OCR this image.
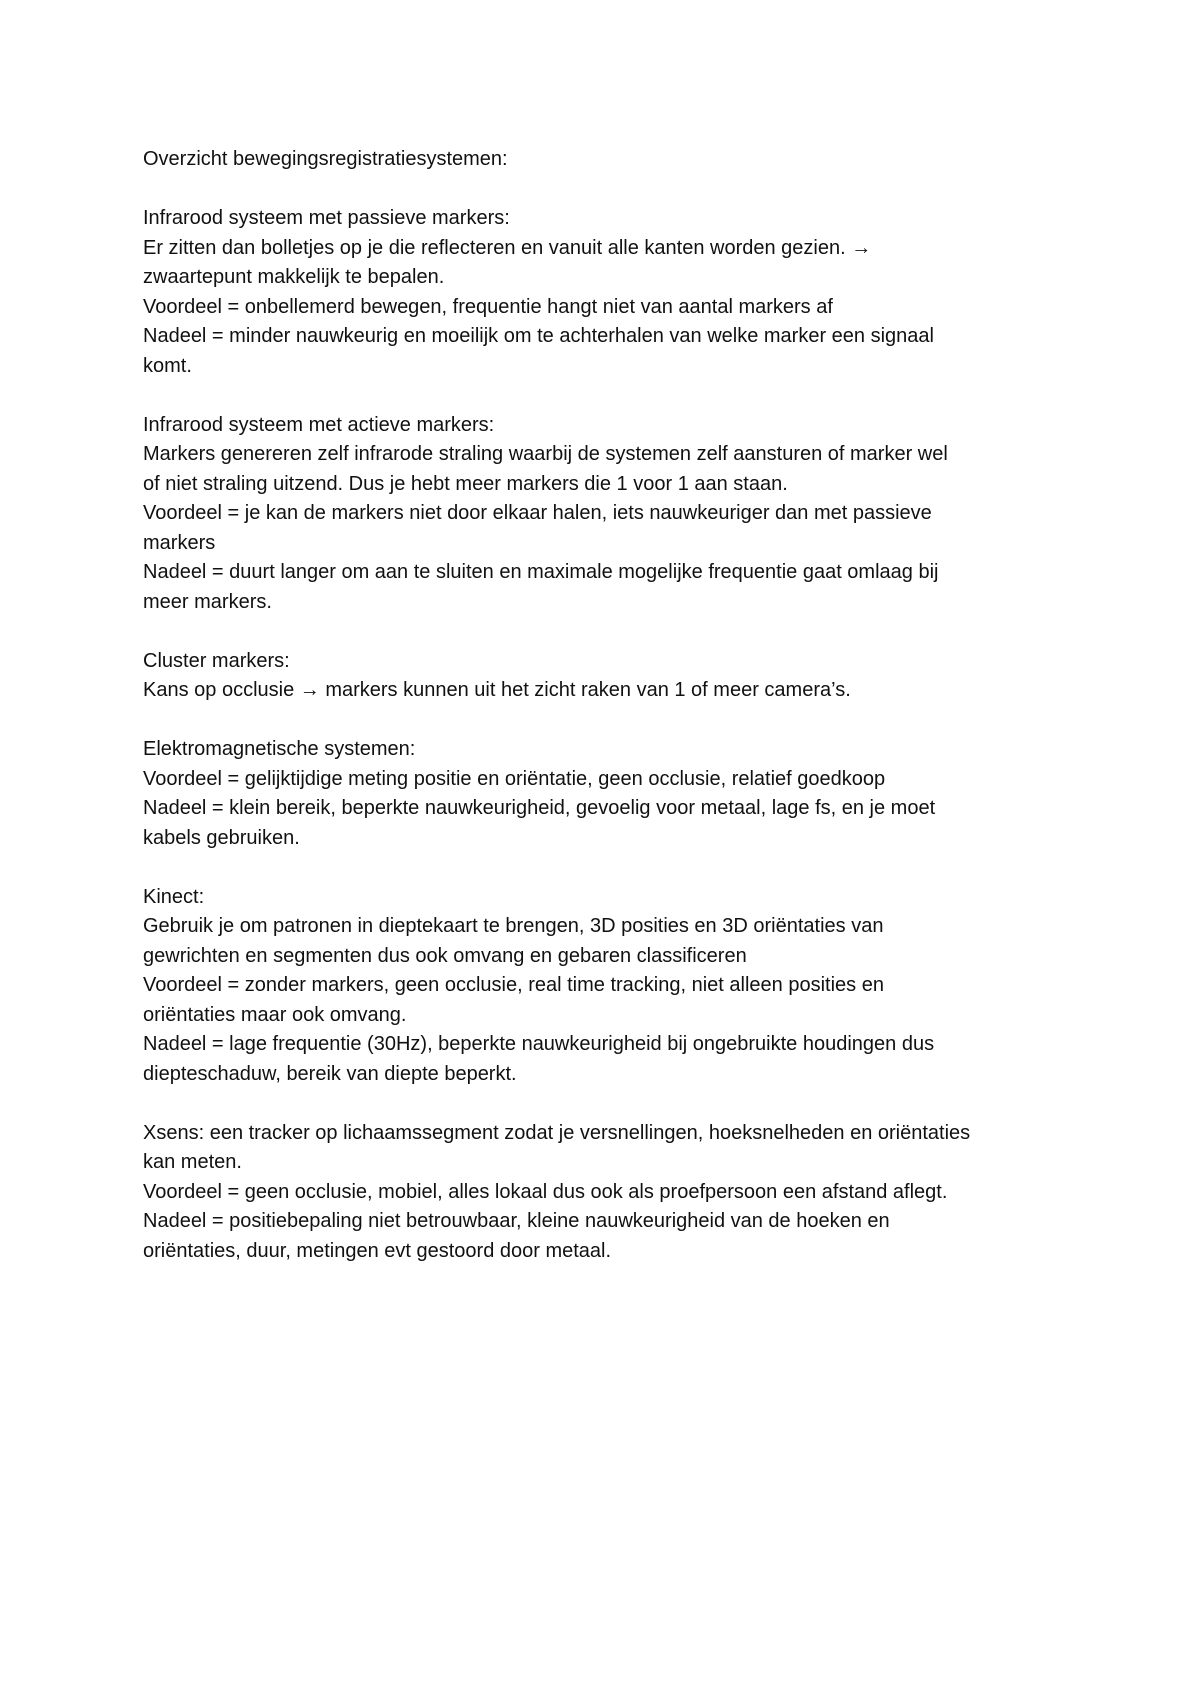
Overzicht bewegingsregistratiesystemen:

Infrarood systeem met passieve markers:

Er zitten dan bolletjes op je die reflecteren en vanuit alle kanten worden gezien. →

zwaartepunt makkelijk te bepalen.

Voordeel = onbellemerd bewegen, frequentie hangt niet van aantal markers af

Nadeel = minder nauwkeurig en moeilijk om te achterhalen van welke marker een signaal

komt.

Infrarood systeem met actieve markers:

Markers genereren zelf infrarode straling waarbij de systemen zelf aansturen of marker wel

of niet straling uitzend. Dus je hebt meer markers die 1 voor 1 aan staan.

Voordeel = je kan de markers niet door elkaar halen, iets nauwkeuriger dan met passieve

markers

Nadeel = duurt langer om aan te sluiten en maximale mogelijke frequentie gaat omlaag bij

meer markers.

Cluster markers:

Kans op occlusie → markers kunnen uit het zicht raken van 1 of meer camera’s.

Elektromagnetische systemen:

Voordeel = gelijktijdige meting positie en oriëntatie, geen occlusie, relatief goedkoop

Nadeel = klein bereik, beperkte nauwkeurigheid, gevoelig voor metaal, lage fs, en je moet

kabels gebruiken.

Kinect:

Gebruik je om patronen in dieptekaart te brengen, 3D posities en 3D oriëntaties van

gewrichten en segmenten dus ook omvang en gebaren classificeren

Voordeel = zonder markers, geen occlusie, real time tracking, niet alleen posities en

oriëntaties maar ook omvang.

Nadeel = lage frequentie (30Hz), beperkte nauwkeurigheid bij ongebruikte houdingen dus

diepteschaduw, bereik van diepte beperkt.

Xsens: een tracker op lichaamssegment zodat je versnellingen, hoeksnelheden en oriëntaties

kan meten.

Voordeel = geen occlusie, mobiel, alles lokaal dus ook als proefpersoon een afstand aflegt.

Nadeel = positiebepaling niet betrouwbaar, kleine nauwkeurigheid van de hoeken en

oriëntaties, duur, metingen evt gestoord door metaal.
